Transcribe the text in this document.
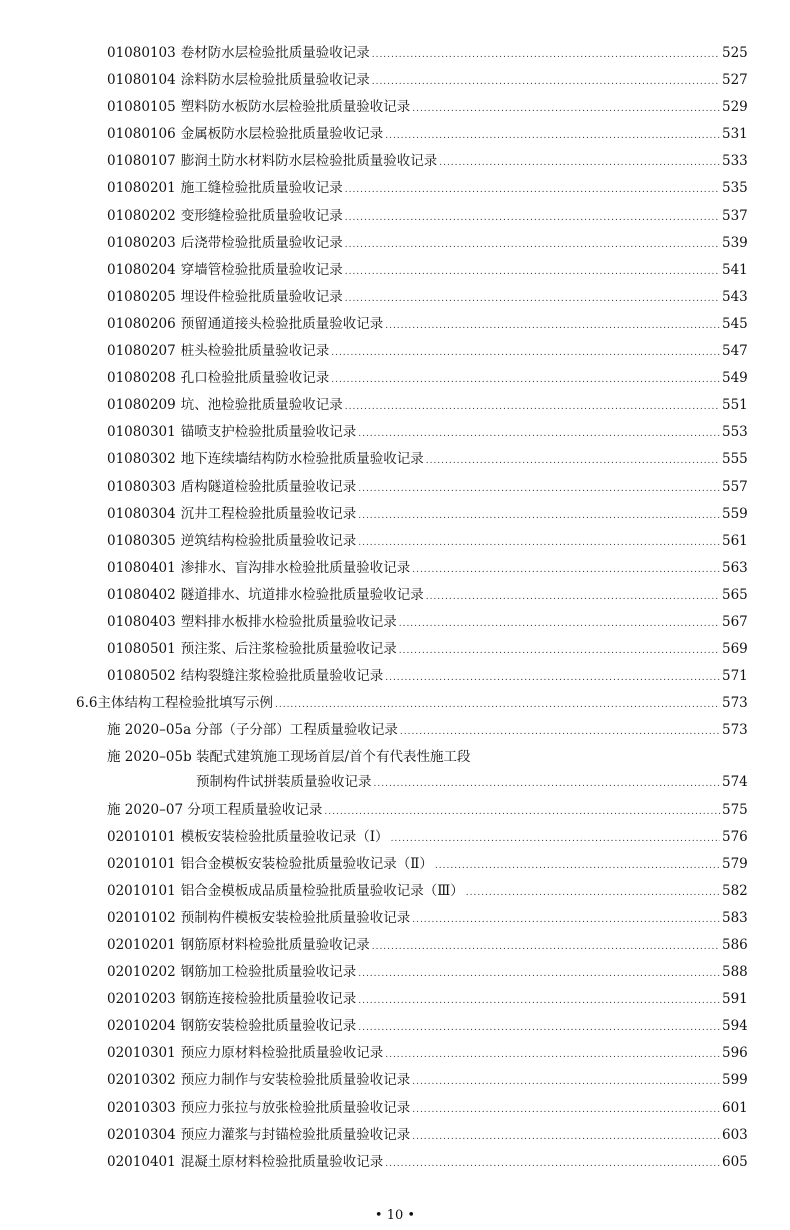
01080103 卷材防水层检验批质量验收记录 .....	525
01080104 涂料防水层检验批质量验收记录 .....	527
01080105 塑料防水板防水层检验批质量验收记录 .....	529
01080106 金属板防水层检验批质量验收记录 .....	531
01080107 膨润土防水材料防水层检验批质量验收记录 .....	533
01080201 施工缝检验批质量验收记录 .....	535
01080202 变形缝检验批质量验收记录 .....	537
01080203 后浇带检验批质量验收记录 .....	539
01080204 穿墙管检验批质量验收记录 .....	541
01080205 埋设件检验批质量验收记录 .....	543
01080206 预留通道接头检验批质量验收记录 .....	545
01080207 桩头检验批质量验收记录 .....	547
01080208 孔口检验批质量验收记录 .....	549
01080209 坑、池检验批质量验收记录 .....	551
01080301 锚喷支护检验批质量验收记录 .....	553
01080302 地下连续墙结构防水检验批质量验收记录 .....	555
01080303 盾构隧道检验批质量验收记录 .....	557
01080304 沉井工程检验批质量验收记录 .....	559
01080305 逆筑结构检验批质量验收记录 .....	561
01080401 渗排水、盲沟排水检验批质量验收记录 .....	563
01080402 隧道排水、坑道排水检验批质量验收记录 .....	565
01080403 塑料排水板排水检验批质量验收记录 .....	567
01080501 预注浆、后注浆检验批质量验收记录 .....	569
01080502 结构裂缝注浆检验批质量验收记录 .....	571
6.6 主体结构工程检验批填写示例 .....	573
施 2020–05a 分部（子分部）工程质量验收记录 .....	573
施 2020–05b 装配式建筑施工现场首层/首个有代表性施工段
预制构件试拼装质量验收记录 .....	574
施 2020–07 分项工程质量验收记录 .....	575
02010101 模板安装检验批质量验收记录（Ⅰ） .....	576
02010101 铝合金模板安装检验批质量验收记录（Ⅱ） .....	579
02010101 铝合金模板成品质量检验批质量验收记录（Ⅲ） .....	582
02010102 预制构件模板安装检验批质量验收记录 .....	583
02010201 钢筋原材料检验批质量验收记录 .....	586
02010202 钢筋加工检验批质量验收记录 .....	588
02010203 钢筋连接检验批质量验收记录 .....	591
02010204 钢筋安装检验批质量验收记录 .....	594
02010301 预应力原材料检验批质量验收记录 .....	596
02010302 预应力制作与安装检验批质量验收记录 .....	599
02010303 预应力张拉与放张检验批质量验收记录 .....	601
02010304 预应力灌浆与封锚检验批质量验收记录 .....	603
02010401 混凝土原材料检验批质量验收记录 .....	605
• 10 •
